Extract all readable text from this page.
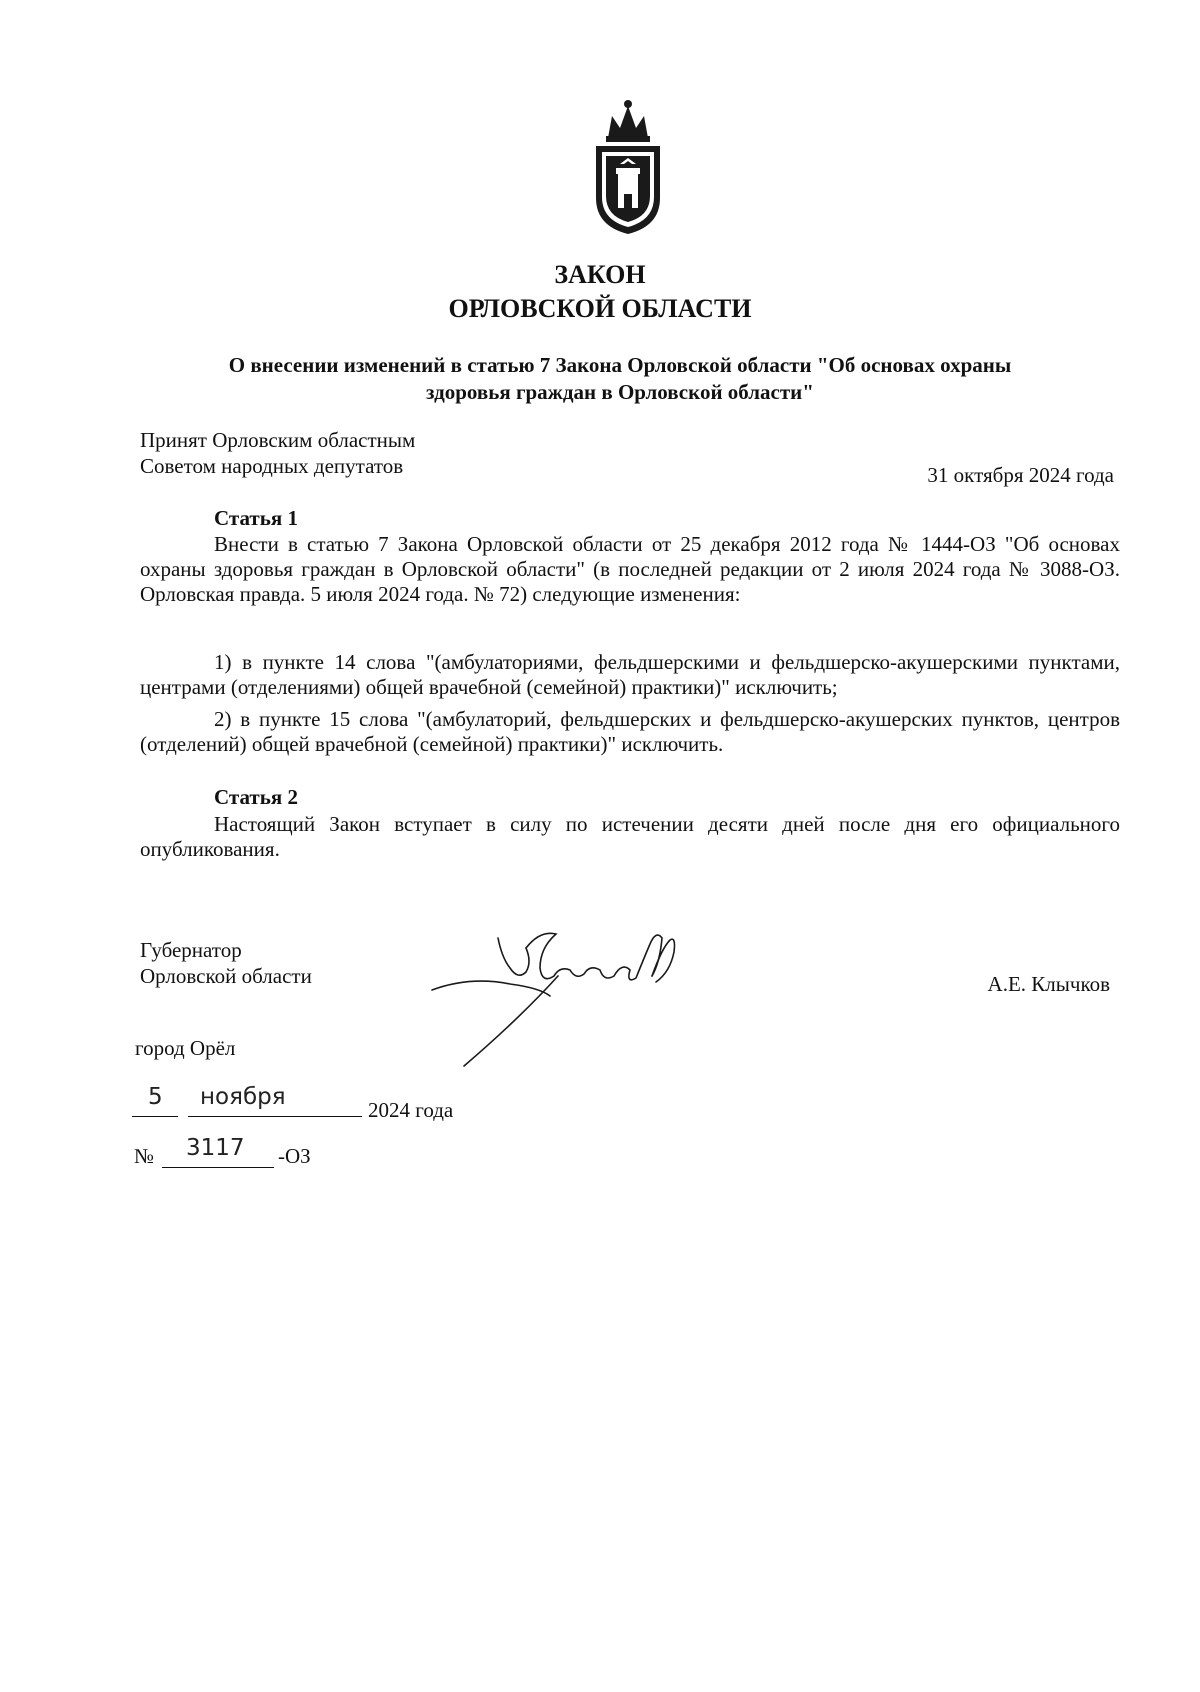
ЗАКОН
ОРЛОВСКОЙ ОБЛАСТИ
О внесении изменений в статью 7 Закона Орловской области "Об основах охраны
здоровья граждан в Орловской области"
Принят Орловским областным
Советом народных депутатов	31 октября 2024 года
Статья 1
Внести в статью 7 Закона Орловской области от 25 декабря 2012 года № 1444-ОЗ "Об основах охраны здоровья граждан в Орловской области" (в последней редакции от 2 июля 2024 года № 3088-ОЗ. Орловская правда. 5 июля 2024 года. № 72) следующие изменения:
1) в пункте 14 слова "(амбулаториями, фельдшерскими и фельдшерско-акушерскими пунктами, центрами (отделениями) общей врачебной (семейной) практики)" исключить;
2) в пункте 15 слова "(амбулаторий, фельдшерских и фельдшерско-акушерских пунктов, центров (отделений) общей врачебной (семейной) практики)" исключить.
Статья 2
Настоящий Закон вступает в силу по истечении десяти дней после дня его официального опубликования.
Губернатор
Орловской области	А.Е. Клычков
город Орёл
5 ноября	2024 года
№ 3117 -ОЗ
